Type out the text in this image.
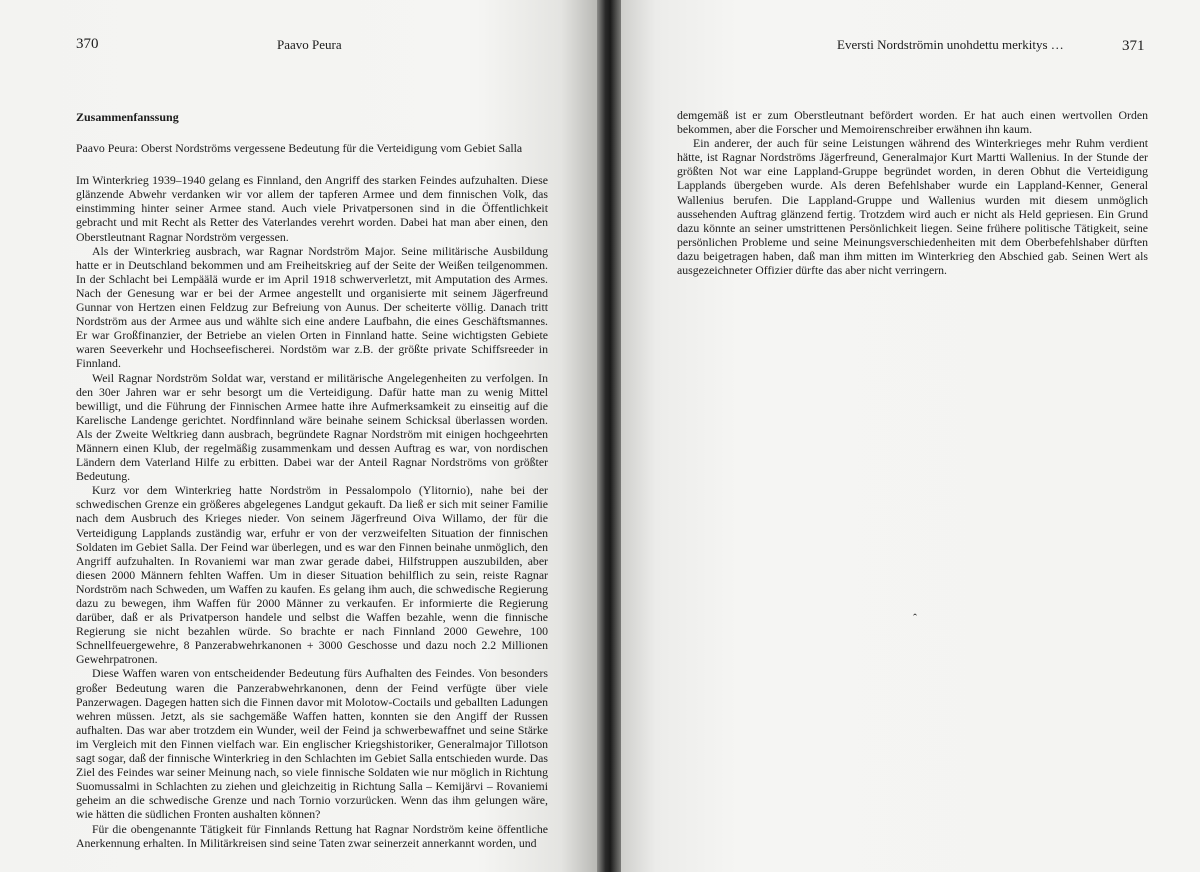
370	Paavo Peura	Eversti Nordströmin unohdettu merkitys …	371
Zusammenfanssung
Paavo Peura: Oberst Nordströms vergessene Bedeutung für die Verteidigung vom Gebiet Salla

Im Winterkrieg 1939–1940 gelang es Finnland, den Angriff des starken Feindes aufzuhalten. Diese glänzende Abwehr verdanken wir vor allem der tapferen Armee und dem finnischen Volk, das einstimming hinter seiner Armee stand. Auch viele Privatpersonen sind in die Öffentlichkeit gebracht und mit Recht als Retter des Vaterlandes verehrt worden. Dabei hat man aber einen, den Oberstleutnant Ragnar Nordström vergessen.

Als der Winterkrieg ausbrach, war Ragnar Nordström Major. Seine militärische Ausbildung hatte er in Deutschland bekommen und am Freiheitskrieg auf der Seite der Weißen teilgenommen. In der Schlacht bei Lempäälä wurde er im April 1918 schwerverletzt, mit Amputation des Armes. Nach der Genesung war er bei der Armee angestellt und organisierte mit seinem Jägerfreund Gunnar von Hertzen einen Feldzug zur Befreiung von Aunus. Der scheiterte völlig. Danach tritt Nordström aus der Armee aus und wählte sich eine andere Laufbahn, die eines Geschäftsmannes. Er war Großfinanzier, der Betriebe an vielen Orten in Finnland hatte. Seine wichtigsten Gebiete waren Seeverkehr und Hochseefischerei. Nordstöm war z.B. der größte private Schiffsreeder in Finnland.

Weil Ragnar Nordström Soldat war, verstand er militärische Angelegenheiten zu verfolgen. In den 30er Jahren war er sehr besorgt um die Verteidigung. Dafür hatte man zu wenig Mittel bewilligt, und die Führung der Finnischen Armee hatte ihre Aufmerksamkeit zu einseitig auf die Karelische Landenge gerichtet. Nordfinnland wäre beinahe seinem Schicksal überlassen worden. Als der Zweite Weltkrieg dann ausbrach, begründete Ragnar Nordström mit einigen hochgeehrten Männern einen Klub, der regelmäßig zusammenkam und dessen Auftrag es war, von nordischen Ländern dem Vaterland Hilfe zu erbitten. Dabei war der Anteil Ragnar Nordströms von größter Bedeutung.

Kurz vor dem Winterkrieg hatte Nordström in Pessalompolo (Ylitornio), nahe bei der schwedischen Grenze ein größeres abgelegenes Landgut gekauft. Da ließ er sich mit seiner Familie nach dem Ausbruch des Krieges nieder. Von seinem Jägerfreund Oiva Willamo, der für die Verteidigung Lapplands zuständig war, erfuhr er von der verzweifelten Situation der finnischen Soldaten im Gebiet Salla. Der Feind war überlegen, und es war den Finnen beinahe unmöglich, den Angriff aufzuhalten. In Rovaniemi war man zwar gerade dabei, Hilfstruppen auszubilden, aber diesen 2000 Männern fehlten Waffen. Um in dieser Situation behilflich zu sein, reiste Ragnar Nordström nach Schweden, um Waffen zu kaufen. Es gelang ihm auch, die schwedische Regierung dazu zu bewegen, ihm Waffen für 2000 Männer zu verkaufen. Er informierte die Regierung darüber, daß er als Privatperson handele und selbst die Waffen bezahle, wenn die finnische Regierung sie nicht bezahlen würde. So brachte er nach Finnland 2000 Gewehre, 100 Schnellfeuergewehre, 8 Panzerabwehrkanonen + 3000 Geschosse und dazu noch 2.2 Millionen Gewehrpatronen.

Diese Waffen waren von entscheidender Bedeutung fürs Aufhalten des Feindes. Von besonders großer Bedeutung waren die Panzerabwehrkanonen, denn der Feind verfügte über viele Panzerwagen. Dagegen hatten sich die Finnen davor mit Molotow-Coctails und geballten Ladungen wehren müssen. Jetzt, als sie sachgemäße Waffen hatten, konnten sie den Angiff der Russen aufhalten. Das war aber trotzdem ein Wunder, weil der Feind ja schwerbewaffnet und seine Stärke im Vergleich mit den Finnen vielfach war. Ein englischer Kriegshistoriker, Generalmajor Tillotson sagt sogar, daß der finnische Winterkrieg in den Schlachten im Gebiet Salla entschieden wurde. Das Ziel des Feindes war seiner Meinung nach, so viele finnische Soldaten wie nur möglich in Richtung Suomussalmi in Schlachten zu ziehen und gleichzeitig in Richtung Salla – Kemijärvi – Rovaniemi geheim an die schwedische Grenze und nach Tornio vorzurücken. Wenn das ihm gelungen wäre, wie hätten die südlichen Fronten aushalten können?

Für die obengenannte Tätigkeit für Finnlands Rettung hat Ragnar Nordström keine öffentliche Anerkennung erhalten. In Militärkreisen sind seine Taten zwar seinerzeit annerkannt worden, und

demgemäß ist er zum Oberstleutnant befördert worden. Er hat auch einen wertvollen Orden bekommen, aber die Forscher und Memoirenschreiber erwähnen ihn kaum.

Ein anderer, der auch für seine Leistungen während des Winterkrieges mehr Ruhm verdient hätte, ist Ragnar Nordströms Jägerfreund, Generalmajor Kurt Martti Wallenius. In der Stunde der größten Not war eine Lappland-Gruppe begründet worden, in deren Obhut die Verteidigung Lapplands übergeben wurde. Als deren Befehlshaber wurde ein Lappland-Kenner, General Wallenius berufen. Die Lappland-Gruppe und Wallenius wurden mit diesem unmöglich aussehenden Auftrag glänzend fertig. Trotzdem wird auch er nicht als Held gepriesen. Ein Grund dazu könnte an seiner umstrittenen Persönlichkeit liegen. Seine frühere politische Tätigkeit, seine persönlichen Probleme und seine Meinungsverschiedenheiten mit dem Oberbefehlshaber dürften dazu beigetragen haben, daß man ihm mitten im Winterkrieg den Abschied gab. Seinen Wert als ausgezeichneter Offizier dürfte das aber nicht verringern.

ˆ
